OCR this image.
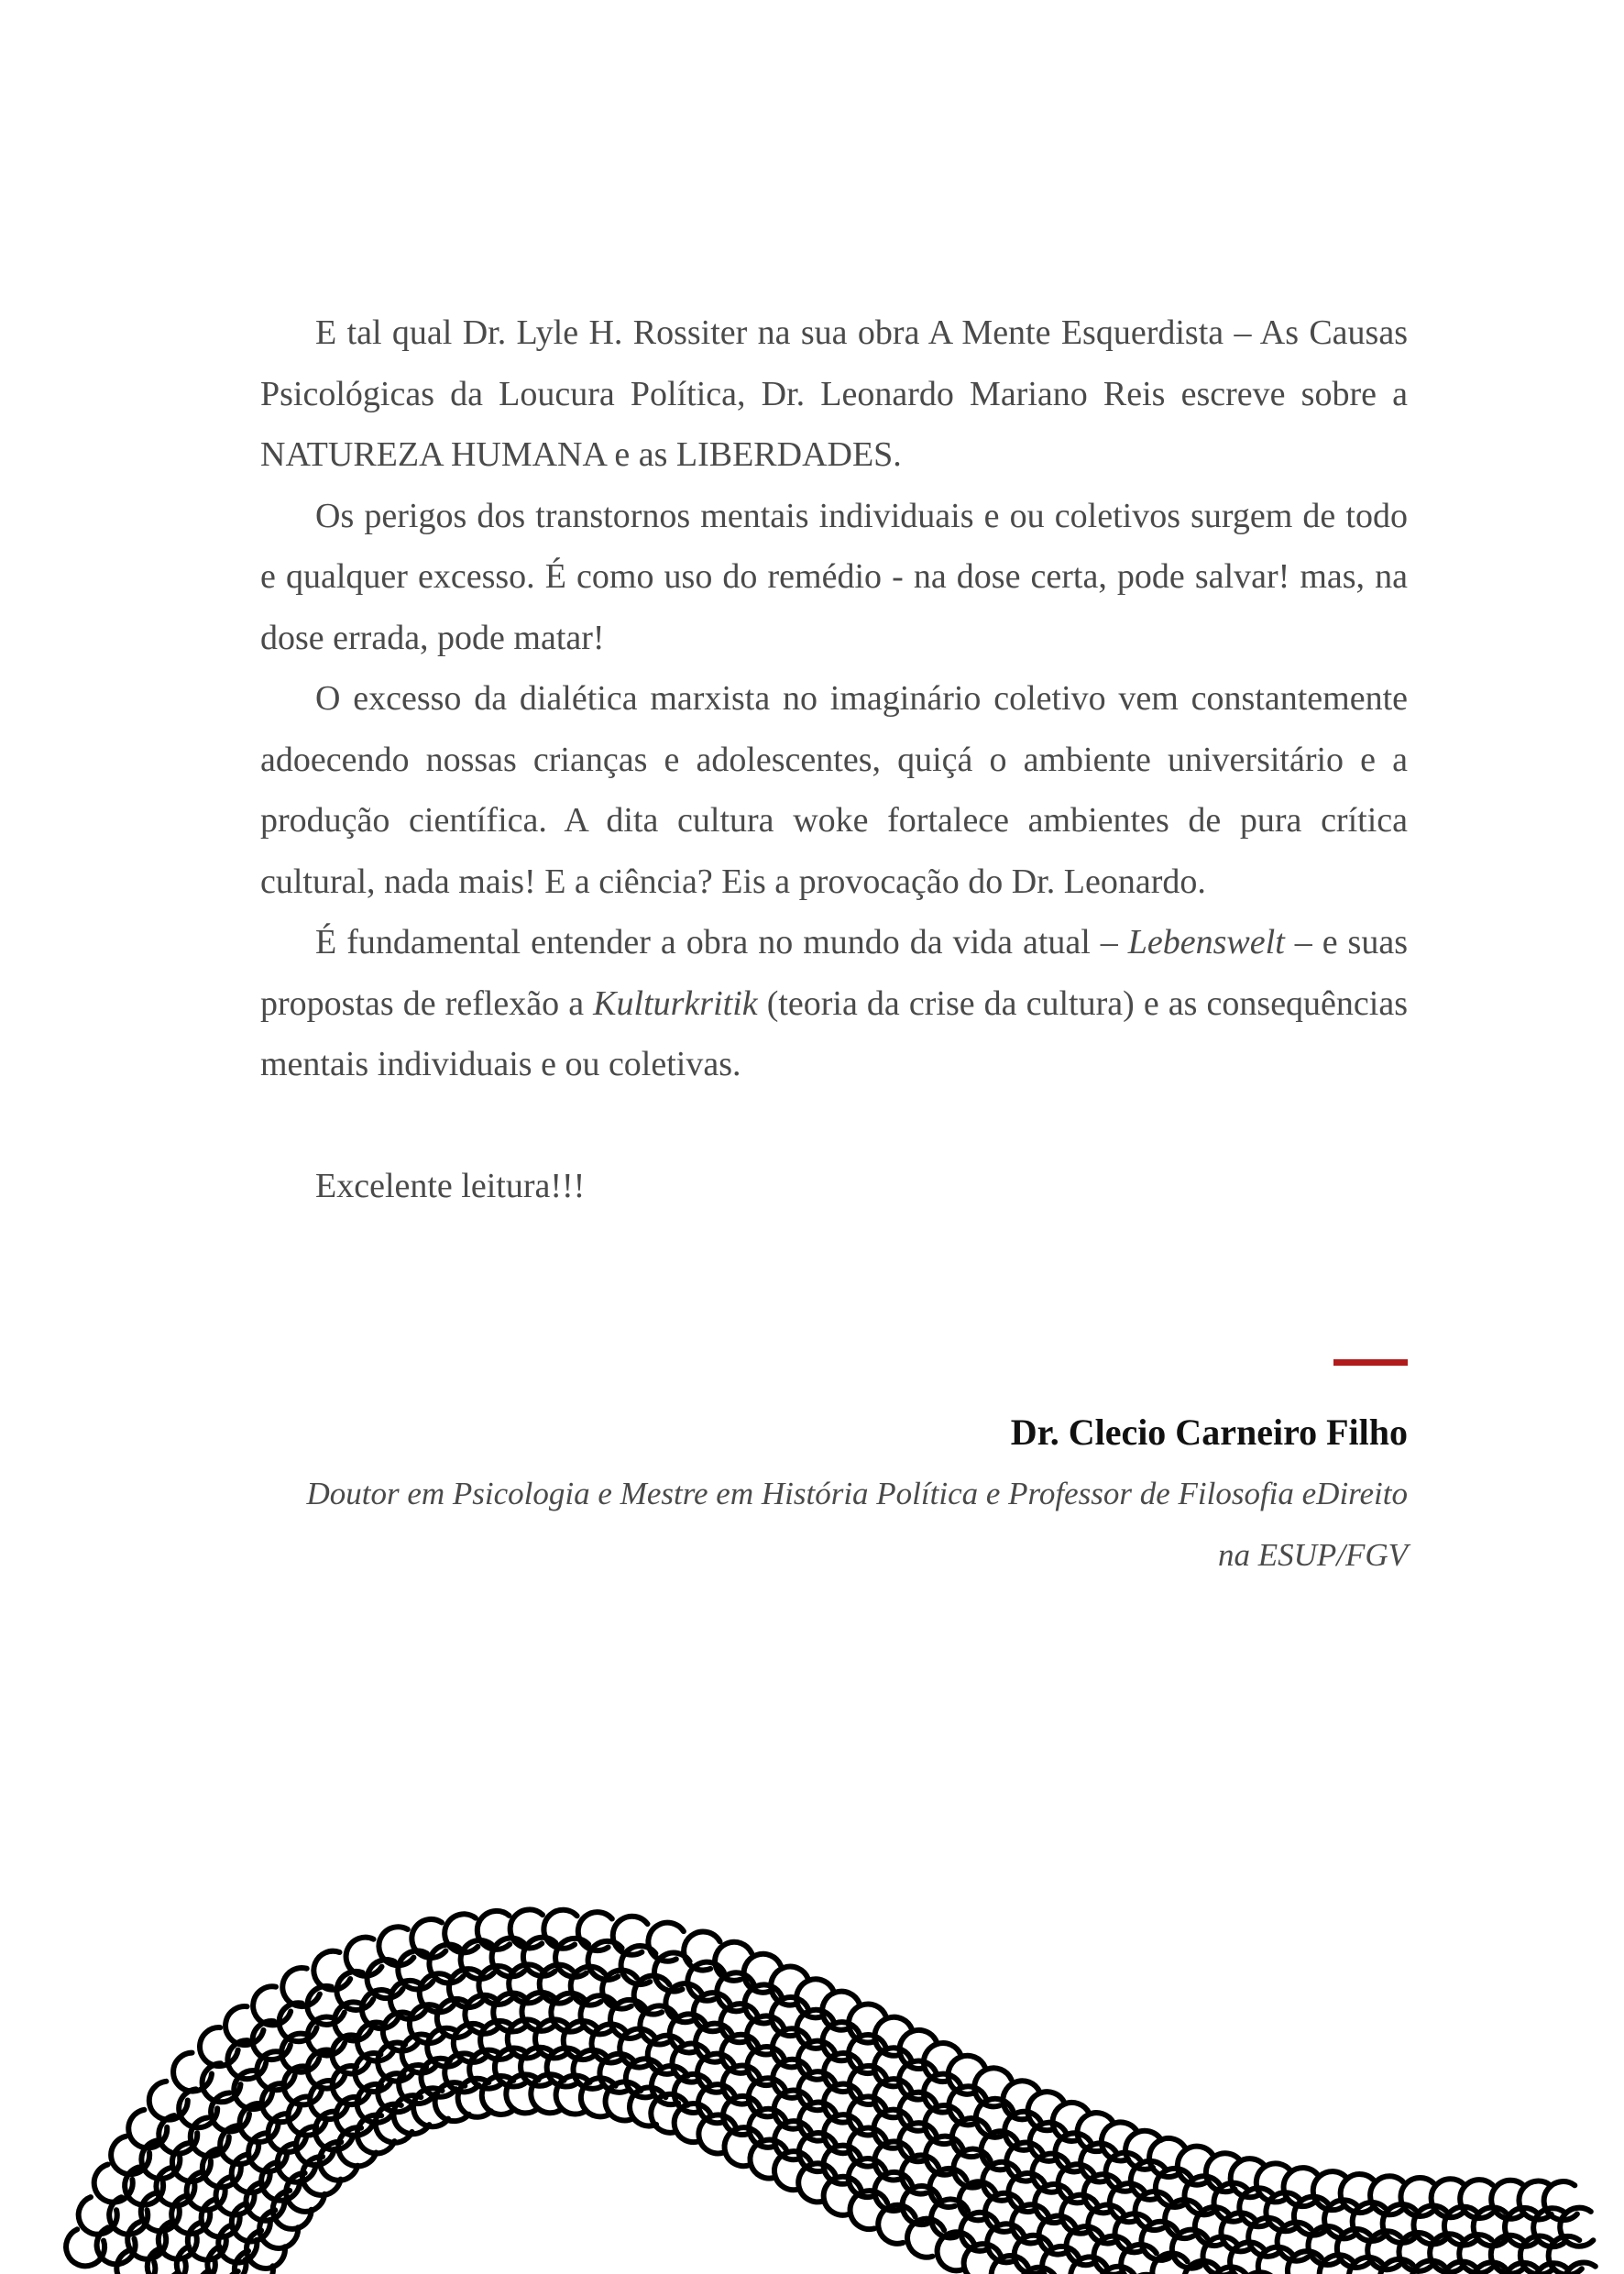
E tal qual Dr. Lyle H. Rossiter na sua obra A Mente Esquerdista – As Causas Psicológicas da Loucura Política, Dr. Leonardo Mariano Reis escreve sobre a NATUREZA HUMANA e as LIBERDADES.

Os perigos dos transtornos mentais individuais e ou coletivos surgem de todo e qualquer excesso. É como uso do remédio - na dose certa, pode salvar! mas, na dose errada, pode matar!

O excesso da dialética marxista no imaginário coletivo vem constantemente adoecendo nossas crianças e adolescentes, quiçá o ambiente universitário e a produção científica. A dita cultura woke fortalece ambientes de pura crítica cultural, nada mais! E a ciência? Eis a provocação do Dr. Leonardo.

É fundamental entender a obra no mundo da vida atual – Lebenswelt – e suas propostas de reflexão a Kulturkritik (teoria da crise da cultura) e as consequências mentais individuais e ou coletivas.

Excelente leitura!!!

Dr. Clecio Carneiro Filho
Doutor em Psicologia e Mestre em História Política e Professor de Filosofia eDireito
na ESUP/FGV
